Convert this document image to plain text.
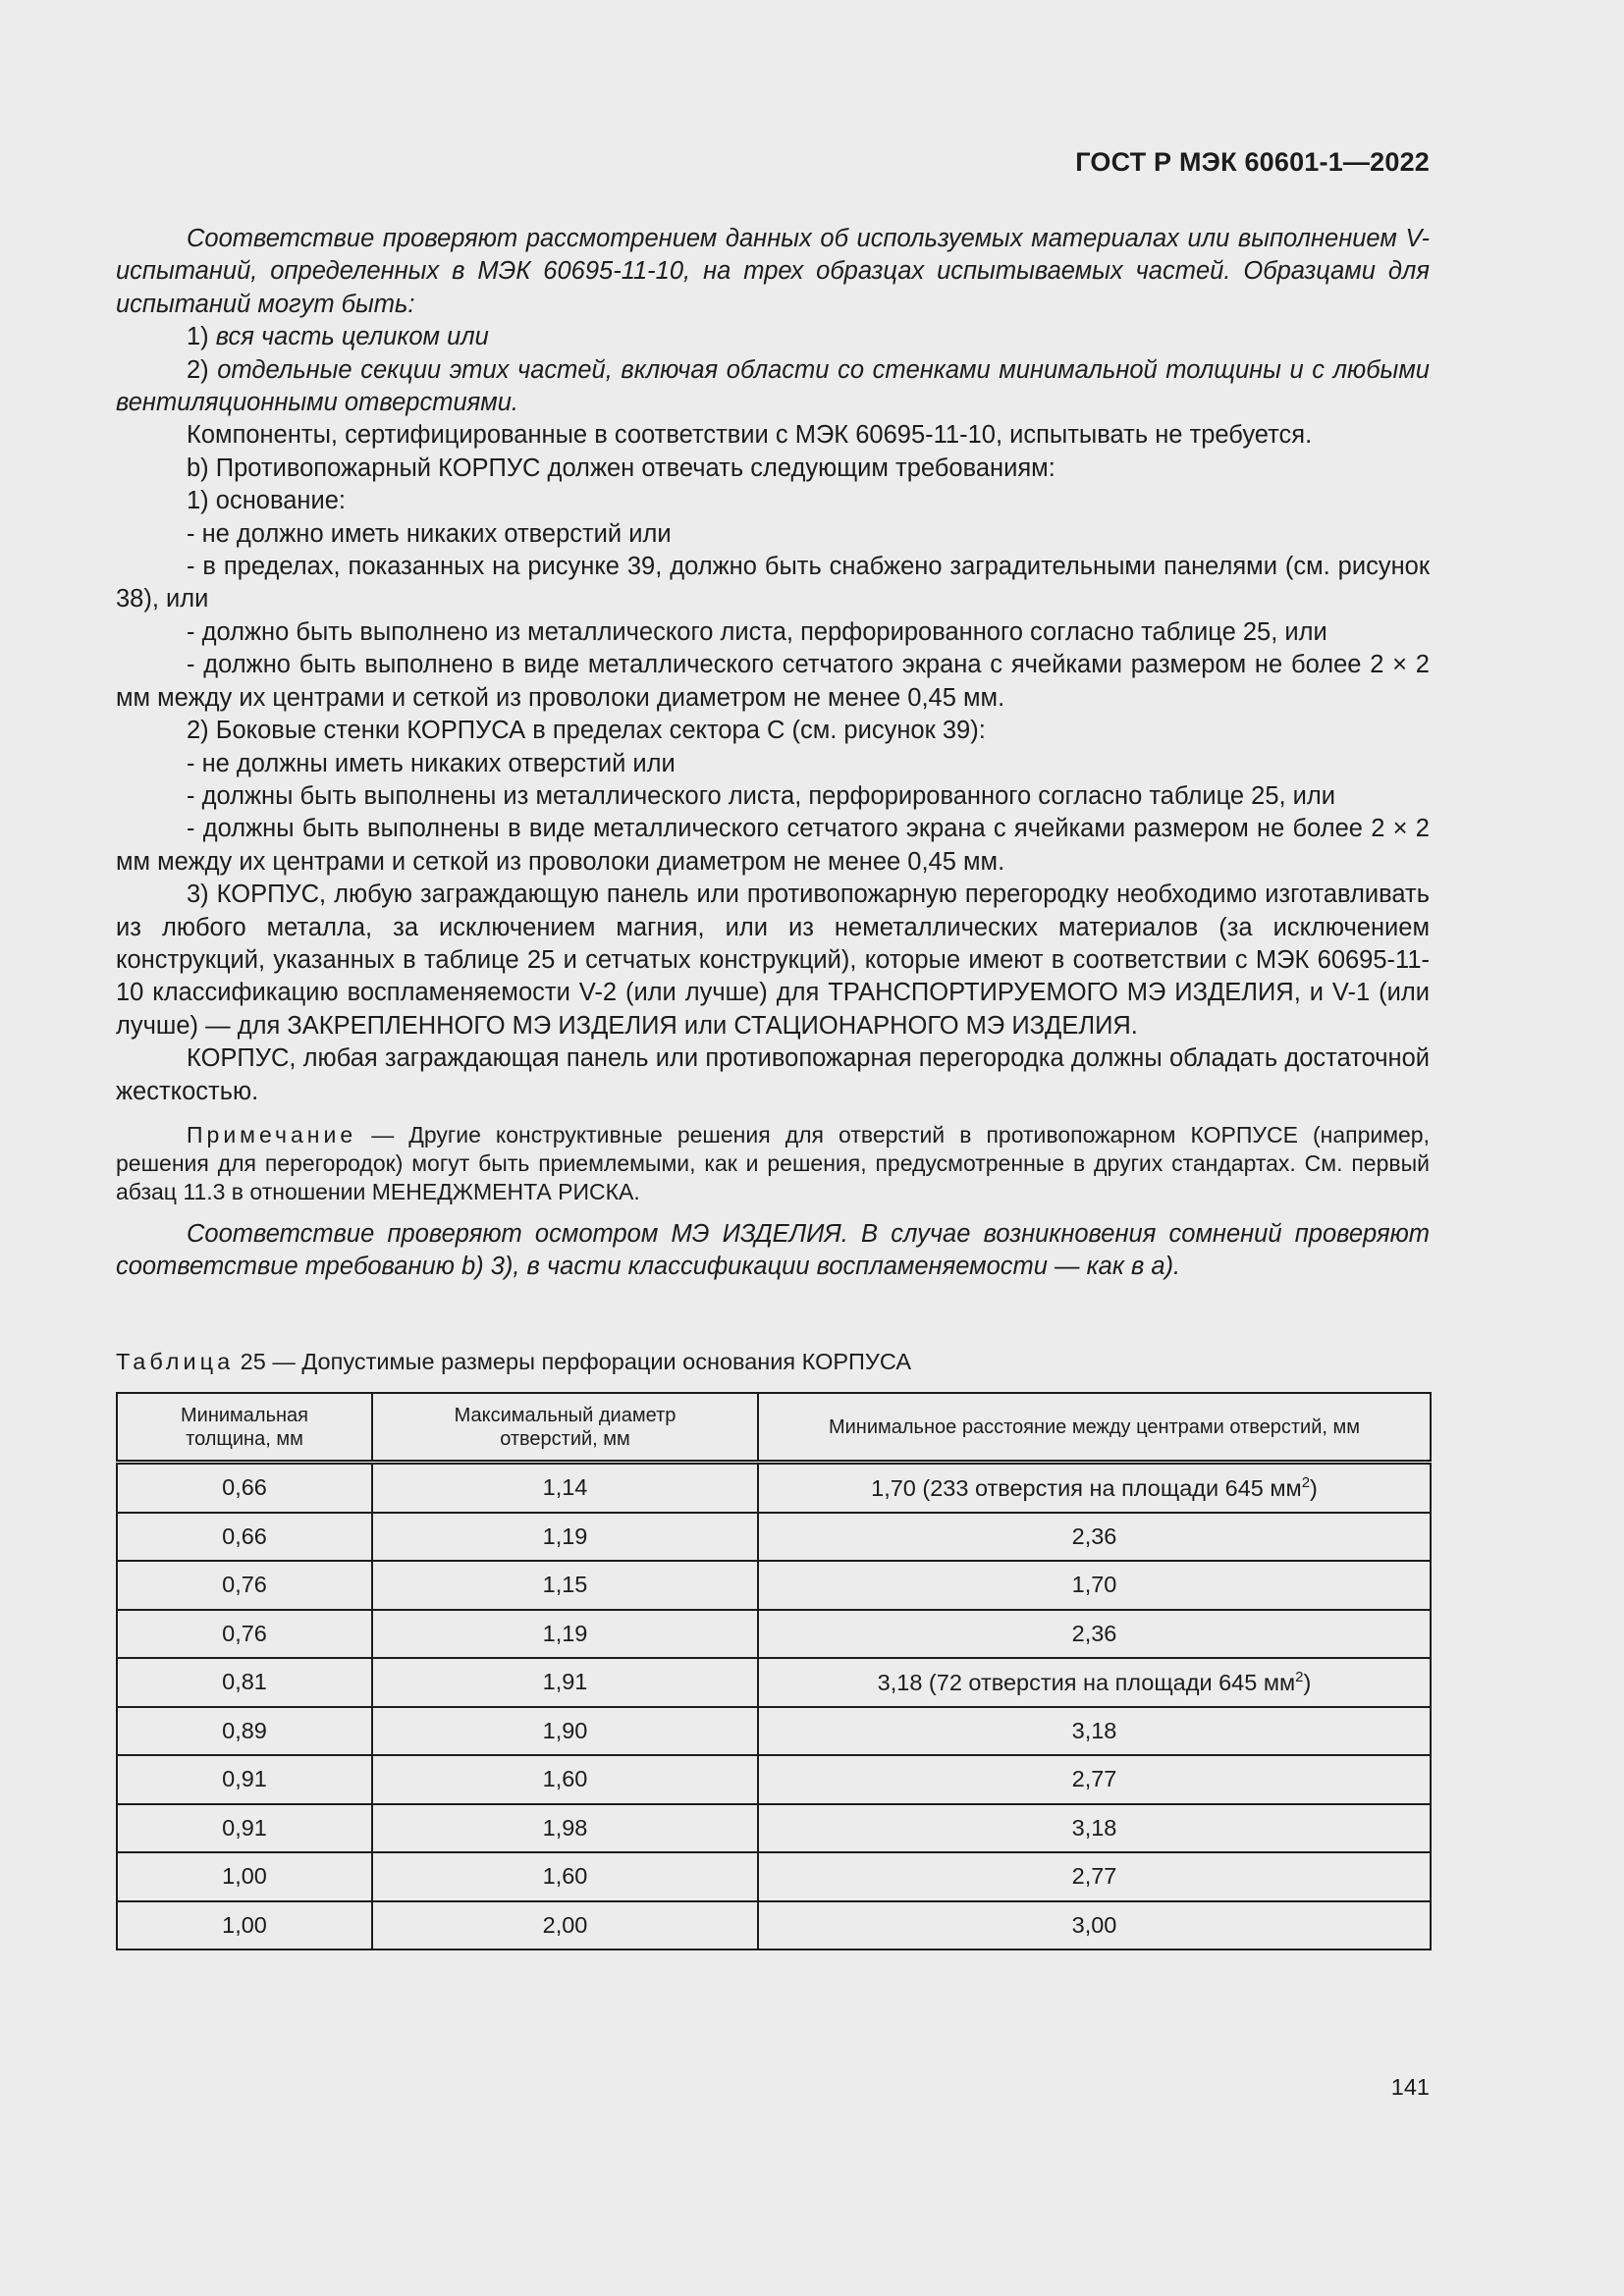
ГОСТ Р МЭК 60601-1—2022

Соответствие проверяют рассмотрением данных об используемых материалах или выполнением V-испытаний, определенных в МЭК 60695-11-10, на трех образцах испытываемых частей. Образцами для испытаний могут быть:

1) вся часть целиком или

2) отдельные секции этих частей, включая области со стенками минимальной толщины и с любыми вентиляционными отверстиями.

Компоненты, сертифицированные в соответствии с МЭК 60695-11-10, испытывать не требуется.

b) Противопожарный КОРПУС должен отвечать следующим требованиям:

1) основание:

- не должно иметь никаких отверстий или

- в пределах, показанных на рисунке 39, должно быть снабжено заградительными панелями (см. рисунок 38), или

- должно быть выполнено из металлического листа, перфорированного согласно таблице 25, или

- должно быть выполнено в виде металлического сетчатого экрана с ячейками размером не более 2 × 2 мм между их центрами и сеткой из проволоки диаметром не менее 0,45 мм.

2) Боковые стенки КОРПУСА в пределах сектора С (см. рисунок 39):

- не должны иметь никаких отверстий или

- должны быть выполнены из металлического листа, перфорированного согласно таблице 25, или

- должны быть выполнены в виде металлического сетчатого экрана с ячейками размером не более 2 × 2 мм между их центрами и сеткой из проволоки диаметром не менее 0,45 мм.

3) КОРПУС, любую заграждающую панель или противопожарную перегородку необходимо изготавливать из любого металла, за исключением магния, или из неметаллических материалов (за исключением конструкций, указанных в таблице 25 и сетчатых конструкций), которые имеют в соответствии с МЭК 60695-11-10 классификацию воспламеняемости V-2 (или лучше) для ТРАНСПОРТИРУЕМОГО МЭ ИЗДЕЛИЯ, и V-1 (или лучше) — для ЗАКРЕПЛЕННОГО МЭ ИЗДЕЛИЯ или СТАЦИОНАРНОГО МЭ ИЗДЕЛИЯ.

КОРПУС, любая заграждающая панель или противопожарная перегородка должны обладать достаточной жесткостью.

Примечание — Другие конструктивные решения для отверстий в противопожарном КОРПУСЕ (например, решения для перегородок) могут быть приемлемыми, как и решения, предусмотренные в других стандартах. См. первый абзац 11.3 в отношении МЕНЕДЖМЕНТА РИСКА.

Соответствие проверяют осмотром МЭ ИЗДЕЛИЯ. В случае возникновения сомнений проверяют соответствие требованию b) 3), в части классификации воспламеняемости — как в а).

Таблица 25 — Допустимые размеры перфорации основания КОРПУСА
Минимальная толщина, мм	Максимальный диаметр отверстий, мм	Минимальное расстояние между центрами отверстий, мм
0,66	1,14	1,70 (233 отверстия на площади 645 $мм^2$)
0,66	1,19	2,36
0,76	1,15	1,70
0,76	1,19	2,36
0,81	1,91	3,18 (72 отверстия на площади 645 $мм^2$)
0,89	1,90	3,18
0,91	1,60	2,77
0,91	1,98	3,18
1,00	1,60	2,77
1,00	2,00	3,00
141
